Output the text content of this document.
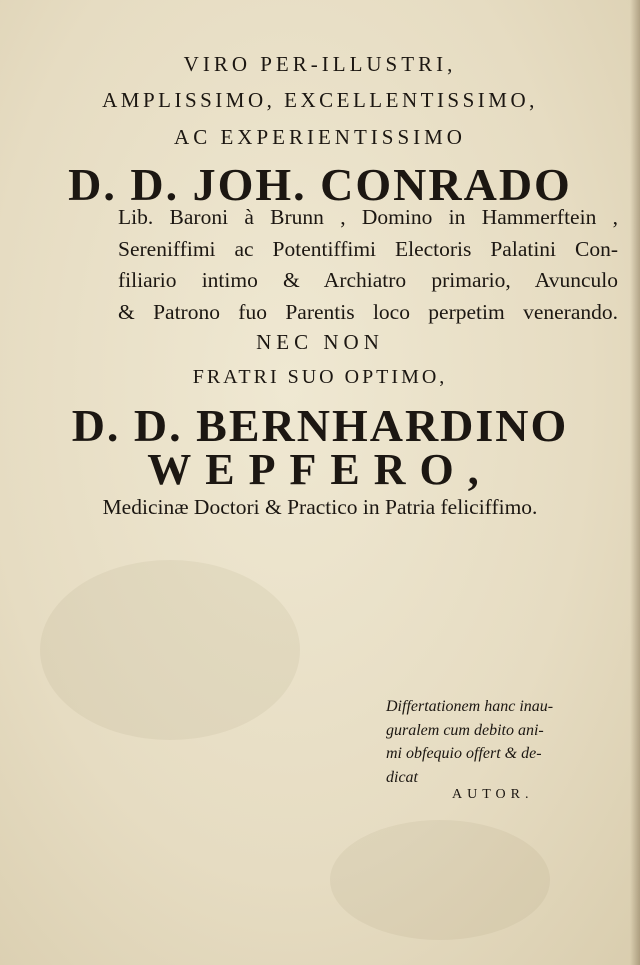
VIRO PER-ILLUSTRI,
AMPLISSIMO, EXCELLENTISSIMO,
AC EXPERIENTISSIMO
D. D. JOH. CONRADO
Lib. Baroni à Brunn , Domino in Hammerftein ,
Sereniffimi ac Potentiffimi Electoris Palatini Con-
filiario intimo & Archiatro primario, Avunculo
& Patrono fuo Parentis loco perpetim venerando.
NEC NON
FRATRI SUO OPTIMO,
D. D. BERNHARDINO
WEPFERO,
Medicinæ Doctori & Practico in Patria feliciffimo.
Differtationem hanc inau-
guralem cum debito ani-
mi obfequio offert & de-
dicat
AUTOR.
